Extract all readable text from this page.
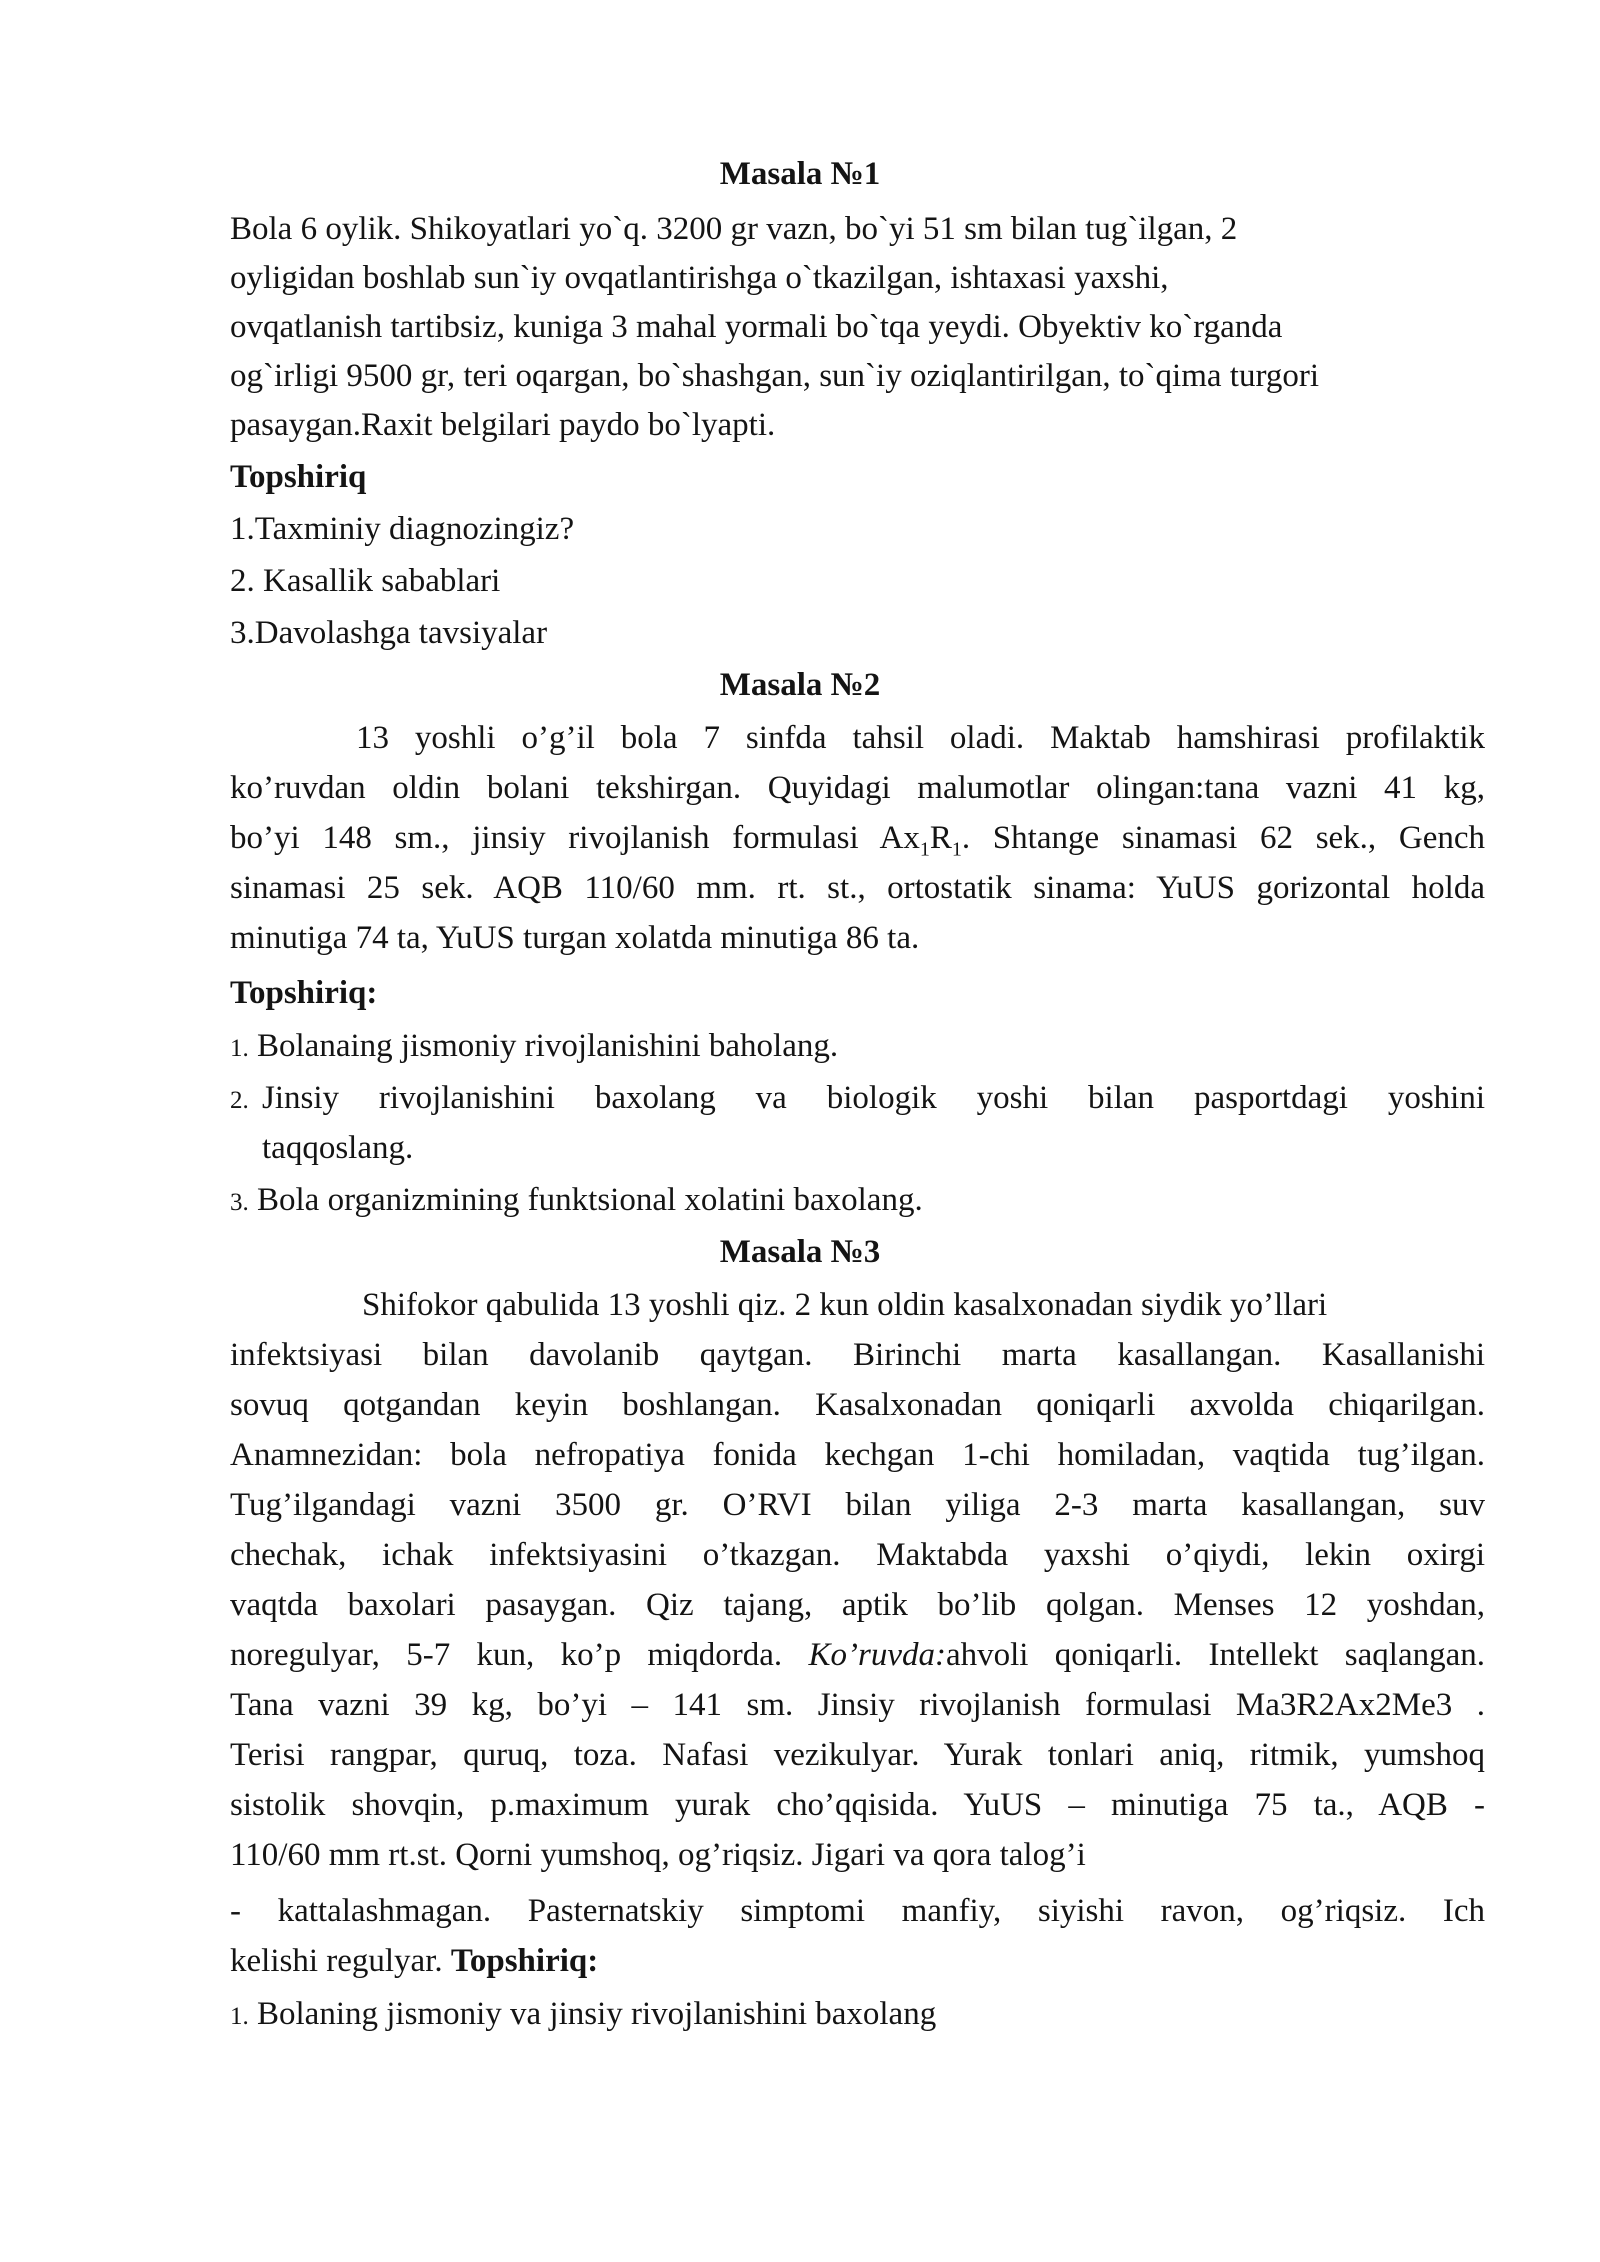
Masala №1
Bola 6 oylik. Shikoyatlari yo`q. 3200 gr vazn, bo`yi 51 sm bilan tug`ilgan, 2
oyligidan boshlab sun`iy ovqatlantirishga o`tkazilgan, ishtaxasi yaxshi,
ovqatlanish tartibsiz, kuniga 3 mahal yormali bo`tqa yeydi. Obyektiv ko`rganda
og`irligi 9500 gr, teri oqargan, bo`shashgan, sun`iy oziqlantirilgan, to`qima turgori
pasaygan.Raxit belgilari paydo bo`lyapti.
Topshiriq
1.Taxminiy diagnozingiz?
2. Kasallik sabablari
3.Davolashga tavsiyalar
Masala №2
13 yoshli o’g’il bola 7 sinfda tahsil oladi. Maktab hamshirasi profilaktik
ko’ruvdan oldin bolani tekshirgan. Quyidagi malumotlar olingan:tana vazni 41 kg,
bo’yi 148 sm., jinsiy rivojlanish formulasi $Ax_1R_1$. Shtange sinamasi 62 sek., Gench
sinamasi 25 sek. AQB 110/60 mm. rt. st., ortostatik sinama: YuUS gorizontal holda
minutiga 74 ta, YuUS turgan xolatda minutiga 86 ta.
Topshiriq:
1. Bolanaing jismoniy rivojlanishini baholang.
2. Jinsiy rivojlanishini baxolang va biologik yoshi bilan pasportdagi yoshini
taqqoslang.
3. Bola organizmining funktsional xolatini baxolang.
Masala №3
Shifokor qabulida 13 yoshli qiz. 2 kun oldin kasalxonadan siydik yo’llari
infektsiyasi bilan davolanib qaytgan. Birinchi marta kasallangan. Kasallanishi
sovuq qotgandan keyin boshlangan. Kasalxonadan qoniqarli axvolda chiqarilgan.
Anamnezidan: bola nefropatiya fonida kechgan 1-chi homiladan, vaqtida tug’ilgan.
Tug’ilgandagi vazni 3500 gr. O’RVI bilan yiliga 2-3 marta kasallangan, suv
chechak, ichak infektsiyasini o’tkazgan. Maktabda yaxshi o’qiydi, lekin oxirgi
vaqtda baxolari pasaygan. Qiz tajang, aptik bo’lib qolgan. Menses 12 yoshdan,
noregulyar, 5-7 kun, ko’p miqdorda. Ko’ruvda:ahvoli qoniqarli. Intellekt saqlangan.
Tana vazni 39 kg, bo’yi – 141 sm. Jinsiy rivojlanish formulasi Ma3R2Ax2Me3 .
Terisi rangpar, quruq, toza. Nafasi vezikulyar. Yurak tonlari aniq, ritmik, yumshoq
sistolik shovqin, p.maximum yurak cho’qqisida. YuUS – minutiga 75 ta., AQB -
110/60 mm rt.st. Qorni yumshoq, og’riqsiz. Jigari va qora talog’i
- kattalashmagan. Pasternatskiy simptomi manfiy, siyishi ravon, og’riqsiz. Ich
kelishi regulyar. Topshiriq:
1. Bolaning jismoniy va jinsiy rivojlanishini baxolang
